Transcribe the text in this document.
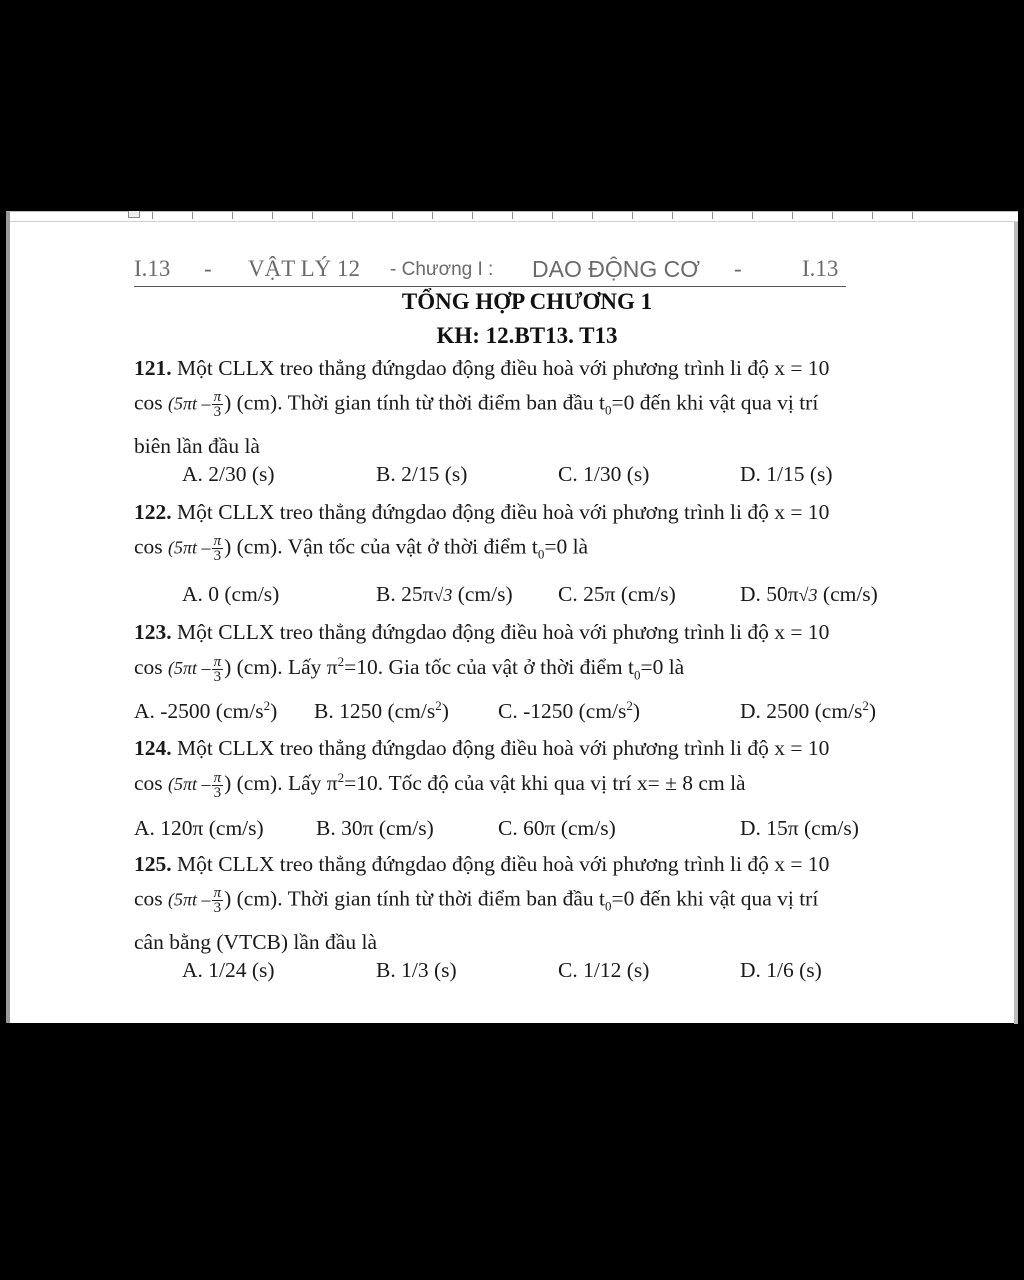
I.13 - VẬT LÝ 12 - Chương I : DAO ĐỘNG CƠ -	I.13
TỔNG HỢP CHƯƠNG 1
KH: 12.BT13. T13
121. Một CLLX treo thẳng đứngdao động điều hoà với phương trình li độ x = 10
$\cos (5\pi t - \frac{\pi}{3}$ ) (cm). Thời gian tính từ thời điểm ban đầu $t_0=0$ đến khi vật qua vị trí
biên lần đầu là
A. 2/30 (s)	B. 2/15 (s)	C. 1/30 (s)	D. 1/15 (s)
122. Một CLLX treo thẳng đứngdao động điều hoà với phương trình li độ x = 10
$\cos (5\pi t - \frac{\pi}{3}$ ) (cm). Vận tốc của vật ở thời điểm $t_0=0$ là
A. 0 (cm/s)	B. 25π√3 (cm/s) C. 25π (cm/s)	D. 50π√3 (cm/s)
123. Một CLLX treo thẳng đứngdao động điều hoà với phương trình li độ x = 10
$\cos (5\pi t - \frac{\pi}{3}$ ) (cm). Lấy $\pi^2=10$. Gia tốc của vật ở thời điểm $t_0=0$ là
A. -2500 $(cm/s^2)$ B. 1250 $(cm/s^2)$ C. -1250 $(cm/s^2)$	D. 2500 $(cm/s^2)$
124. Một CLLX treo thẳng đứngdao động điều hoà với phương trình li độ x = 10
$\cos (5\pi t - \frac{\pi}{3}$ ) (cm). Lấy $\pi^2=10$. Tốc độ của vật khi qua vị trí x= ± 8 cm là
A. 120π (cm/s) B. 30π (cm/s)	C. 60π (cm/s)	D. 15π (cm/s)
125. Một CLLX treo thẳng đứngdao động điều hoà với phương trình li độ x = 10
$\cos (5\pi t - \frac{\pi}{3}$ ) (cm). Thời gian tính từ thời điểm ban đầu $t_0=0$ đến khi vật qua vị trí
cân bằng (VTCB) lần đầu là
A. 1/24 (s)	B. 1/3 (s)	C. 1/12 (s)	D. 1/6 (s)
